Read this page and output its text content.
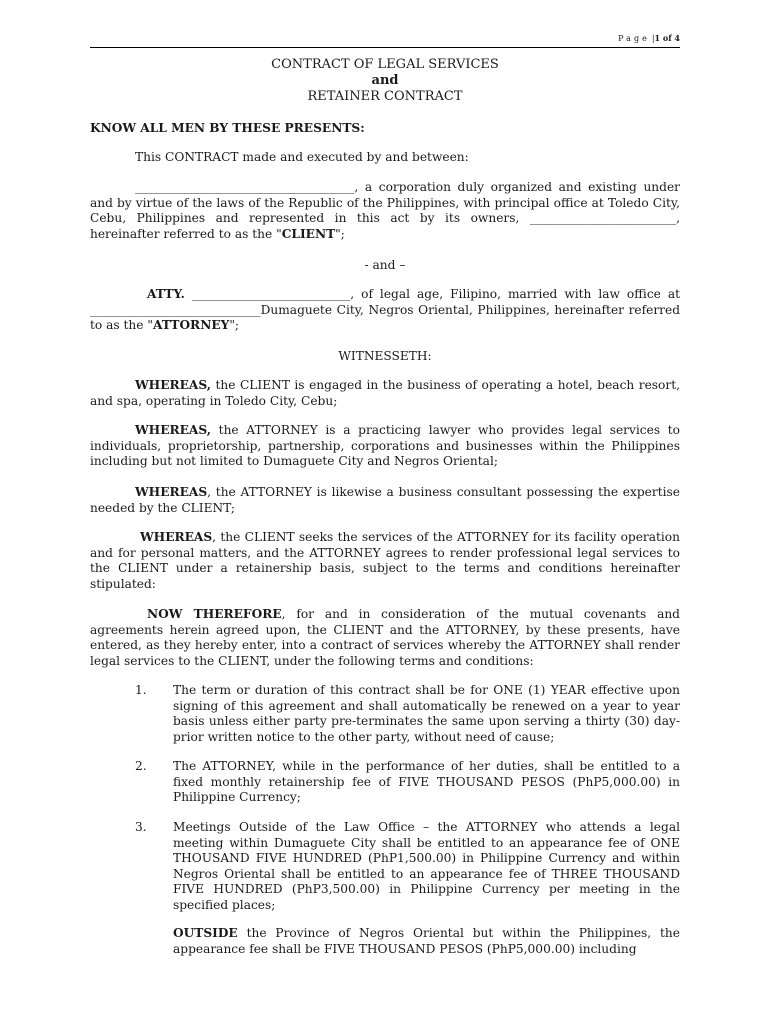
Page |1 of 4
CONTRACT OF LEGAL SERVICES
and
RETAINER CONTRACT
KNOW ALL MEN BY THESE PRESENTS:
This CONTRACT made and executed by and between:
____________________________________, a corporation duly organized and existing under and by virtue of the laws of the Republic of the Philippines, with principal office at Toledo City, Cebu, Philippines and represented in this act by its owners, ________________________, hereinafter referred to as the "CLIENT";
- and –
ATTY. __________________________, of legal age, Filipino, married with law office at ____________________________Dumaguete City, Negros Oriental, Philippines, hereinafter referred to as the "ATTORNEY";
WITNESSETH:
WHEREAS, the CLIENT is engaged in the business of operating a hotel, beach resort, and spa, operating in Toledo City, Cebu;
WHEREAS, the ATTORNEY is a practicing lawyer who provides legal services to individuals, proprietorship, partnership, corporations and businesses within the Philippines including but not limited to Dumaguete City and Negros Oriental;
WHEREAS, the ATTORNEY is likewise a business consultant possessing the expertise needed by the CLIENT;
WHEREAS, the CLIENT seeks the services of the ATTORNEY for its facility operation and for personal matters, and the ATTORNEY agrees to render professional legal services to the CLIENT under a retainership basis, subject to the terms and conditions hereinafter stipulated:
NOW THEREFORE, for and in consideration of the mutual covenants and agreements herein agreed upon, the CLIENT and the ATTORNEY, by these presents, have entered, as they hereby enter, into a contract of services whereby the ATTORNEY shall render legal services to the CLIENT, under the following terms and conditions:
1. The term or duration of this contract shall be for ONE (1) YEAR effective upon signing of this agreement and shall automatically be renewed on a year to year basis unless either party pre-terminates the same upon serving a thirty (30) day-prior written notice to the other party, without need of cause;
2. The ATTORNEY, while in the performance of her duties, shall be entitled to a fixed monthly retainership fee of FIVE THOUSAND PESOS (PhP5,000.00) in Philippine Currency;
3. Meetings Outside of the Law Office – the ATTORNEY who attends a legal meeting within Dumaguete City shall be entitled to an appearance fee of ONE THOUSAND FIVE HUNDRED (PhP1,500.00) in Philippine Currency and within Negros Oriental shall be entitled to an appearance fee of THREE THOUSAND FIVE HUNDRED (PhP3,500.00) in Philippine Currency per meeting in the specified places;
OUTSIDE the Province of Negros Oriental but within the Philippines, the appearance fee shall be FIVE THOUSAND PESOS (PhP5,000.00) including
